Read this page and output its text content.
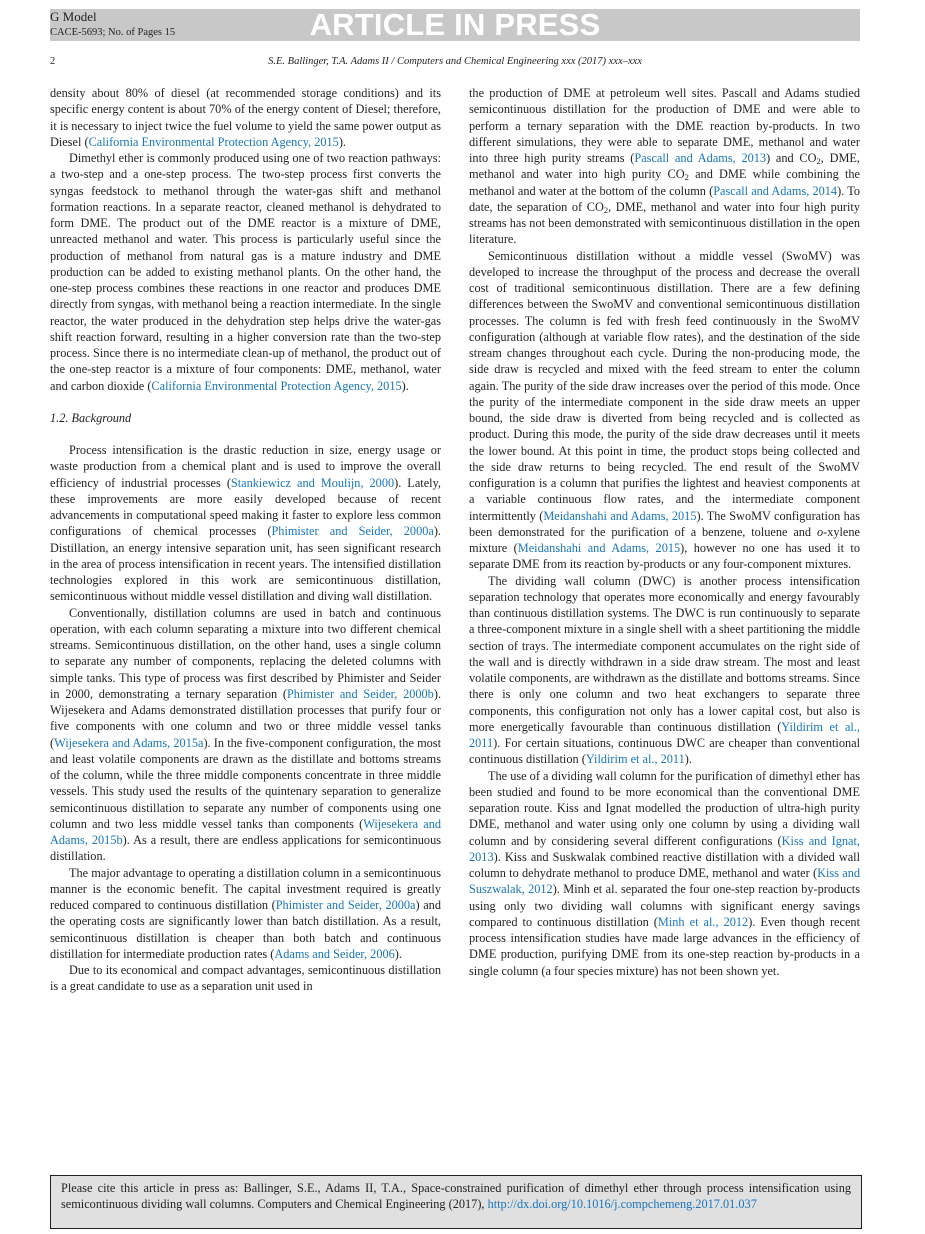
G Model
CACE-5693; No. of Pages 15	ARTICLE IN PRESS
2	S.E. Ballinger, T.A. Adams II / Computers and Chemical Engineering xxx (2017) xxx–xxx

density about 80% of diesel (at recommended storage conditions) and its specific energy content is about 70% of the energy content of Diesel; therefore, it is necessary to inject twice the fuel volume to yield the same power output as Diesel (California Environmental Protection Agency, 2015).

Dimethyl ether is commonly produced using one of two reaction pathways: a two-step and a one-step process. The two-step process first converts the syngas feedstock to methanol through the water-gas shift and methanol formation reactions. In a separate reactor, cleaned methanol is dehydrated to form DME. The product out of the DME reactor is a mixture of DME, unreacted methanol and water. This process is particularly useful since the production of methanol from natural gas is a mature industry and DME production can be added to existing methanol plants. On the other hand, the one-step process combines these reactions in one reactor and produces DME directly from syngas, with methanol being a reaction intermediate. In the single reactor, the water produced in the dehydration step helps drive the water-gas shift reaction forward, resulting in a higher conversion rate than the two-step process. Since there is no intermediate clean-up of methanol, the product out of the one-step reactor is a mixture of four components: DME, methanol, water and carbon dioxide (California Environmental Protection Agency, 2015).

1.2. Background

Process intensification is the drastic reduction in size, energy usage or waste production from a chemical plant and is used to improve the overall efficiency of industrial processes (Stankiewicz and Moulijn, 2000). Lately, these improvements are more easily developed because of recent advancements in computational speed making it faster to explore less common configurations of chemical processes (Phimister and Seider, 2000a). Distillation, an energy intensive separation unit, has seen significant research in the area of process intensification in recent years. The intensified distillation technologies explored in this work are semicontinuous distillation, semicontinuous without middle vessel distillation and diving wall distillation.

Conventionally, distillation columns are used in batch and continuous operation, with each column separating a mixture into two different chemical streams. Semicontinuous distillation, on the other hand, uses a single column to separate any number of components, replacing the deleted columns with simple tanks. This type of process was first described by Phimister and Seider in 2000, demonstrating a ternary separation (Phimister and Seider, 2000b). Wijesekera and Adams demonstrated distillation processes that purify four or five components with one column and two or three middle vessel tanks (Wijesekera and Adams, 2015a). In the five-component configuration, the most and least volatile components are drawn as the distillate and bottoms streams of the column, while the three middle components concentrate in three middle vessels. This study used the results of the quintenary separation to generalize semicontinuous distillation to separate any number of components using one column and two less middle vessel tanks than components (Wijesekera and Adams, 2015b). As a result, there are endless applications for semicontinuous distillation.

The major advantage to operating a distillation column in a semicontinuous manner is the economic benefit. The capital investment required is greatly reduced compared to continuous distillation (Phimister and Seider, 2000a) and the operating costs are significantly lower than batch distillation. As a result, semicontinuous distillation is cheaper than both batch and continuous distillation for intermediate production rates (Adams and Seider, 2006).

Due to its economical and compact advantages, semicontinuous distillation is a great candidate to use as a separation unit used in

the production of DME at petroleum well sites. Pascall and Adams studied semicontinuous distillation for the production of DME and were able to perform a ternary separation with the DME reaction by-products. In two different simulations, they were able to separate DME, methanol and water into three high purity streams (Pascall and Adams, 2013) and $CO_2$, DME, methanol and water into high purity $CO_2$ and DME while combining the methanol and water at the bottom of the column (Pascall and Adams, 2014). To date, the separation of $CO_2$, DME, methanol and water into four high purity streams has not been demonstrated with semicontinuous distillation in the open literature.

Semicontinuous distillation without a middle vessel (SwoMV) was developed to increase the throughput of the process and decrease the overall cost of traditional semicontinuous distillation. There are a few defining differences between the SwoMV and conventional semicontinuous distillation processes. The column is fed with fresh feed continuously in the SwoMV configuration (although at variable flow rates), and the destination of the side stream changes throughout each cycle. During the non-producing mode, the side draw is recycled and mixed with the feed stream to enter the column again. The purity of the side draw increases over the period of this mode. Once the purity of the intermediate component in the side draw meets an upper bound, the side draw is diverted from being recycled and is collected as product. During this mode, the purity of the side draw decreases until it meets the lower bound. At this point in time, the product stops being collected and the side draw returns to being recycled. The end result of the SwoMV configuration is a column that purifies the lightest and heaviest components at a variable continuous flow rates, and the intermediate component intermittently (Meidanshahi and Adams, 2015). The SwoMV configuration has been demonstrated for the purification of a benzene, toluene and o-xylene mixture (Meidanshahi and Adams, 2015), however no one has used it to separate DME from its reaction by-products or any four-component mixtures.

The dividing wall column (DWC) is another process intensification separation technology that operates more economically and energy favourably than continuous distillation systems. The DWC is run continuously to separate a three-component mixture in a single shell with a sheet partitioning the middle section of trays. The intermediate component accumulates on the right side of the wall and is directly withdrawn in a side draw stream. The most and least volatile components, are withdrawn as the distillate and bottoms streams. Since there is only one column and two heat exchangers to separate three components, this configuration not only has a lower capital cost, but also is more energetically favourable than continuous distillation (Yildirim et al., 2011). For certain situations, continuous DWC are cheaper than conventional continuous distillation (Yildirim et al., 2011).

The use of a dividing wall column for the purification of dimethyl ether has been studied and found to be more economical than the conventional DME separation route. Kiss and Ignat modelled the production of ultra-high purity DME, methanol and water using only one column by using a dividing wall column and by considering several different configurations (Kiss and Ignat, 2013). Kiss and Suskwalak combined reactive distillation with a divided wall column to dehydrate methanol to produce DME, methanol and water (Kiss and Suszwalak, 2012). Minh et al. separated the four one-step reaction by-products using only two dividing wall columns with significant energy savings compared to continuous distillation (Minh et al., 2012). Even though recent process intensification studies have made large advances in the efficiency of DME production, purifying DME from its one-step reaction by-products in a single column (a four species mixture) has not been shown yet.

Please cite this article in press as: Ballinger, S.E., Adams II, T.A., Space-constrained purification of dimethyl ether through process intensification using semicontinuous dividing wall columns. Computers and Chemical Engineering (2017), http://dx.doi.org/10.1016/j.compchemeng.2017.01.037
